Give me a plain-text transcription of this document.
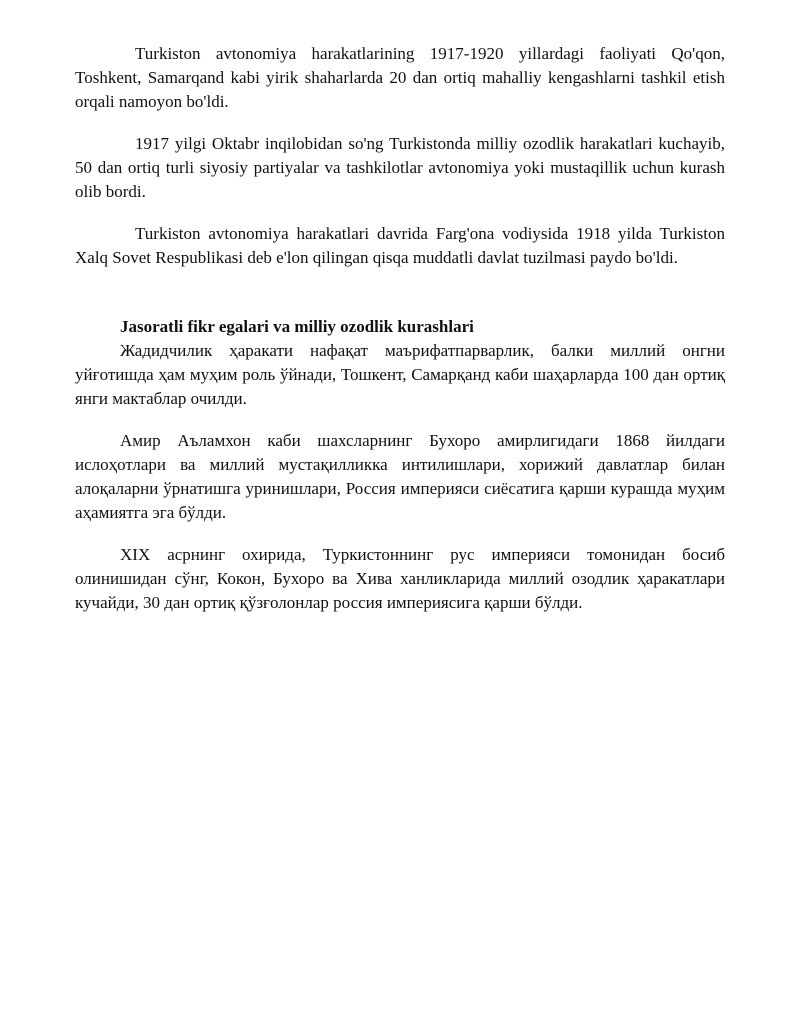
Turkiston avtonomiya harakatlarining 1917-1920 yillardagi faoliyati Qo'qon, Toshkent, Samarqand kabi yirik shaharlarda 20 dan ortiq mahalliy kengashlarni tashkil etish orqali namoyon bo'ldi.

1917 yilgi Oktabr inqilobidan so'ng Turkistonda milliy ozodlik harakatlari kuchayib, 50 dan ortiq turli siyosiy partiyalar va tashkilotlar avtonomiya yoki mustaqillik uchun kurash olib bordi.

Turkiston avtonomiya harakatlari davrida Farg'ona vodiysida 1918 yilda Turkiston Xalq Sovet Respublikasi deb e'lon qilingan qisqa muddatli davlat tuzilmasi paydo bo'ldi.

Jasoratli fikr egalari va milliy ozodlik kurashlari

Жадидчилик ҳаракати нафақат маърифатпарварлик, балки миллий онгни уйғотишда ҳам муҳим роль ўйнади, Тошкент, Самарқанд каби шаҳарларда 100 дан ортиқ янги мактаблар очилди.

Амир Аъламхон каби шахсларнинг Бухоро амирлигидаги 1868 йилдаги ислоҳотлари ва миллий мустақилликка интилишлари, хорижий давлатлар билан алоқаларни ўрнатишга уринишлари, Россия империяси сиёсатига қарши курашда муҳим аҳамиятга эга бўлди.

XIX асрнинг охирида, Туркистоннинг рус империяси томонидан босиб олинишидан сўнг, Кокон, Бухоро ва Хива ханликларида миллий озодлик ҳаракатлари кучайди, 30 дан ортиқ қўзғолонлар россия империясига қарши бўлди.
